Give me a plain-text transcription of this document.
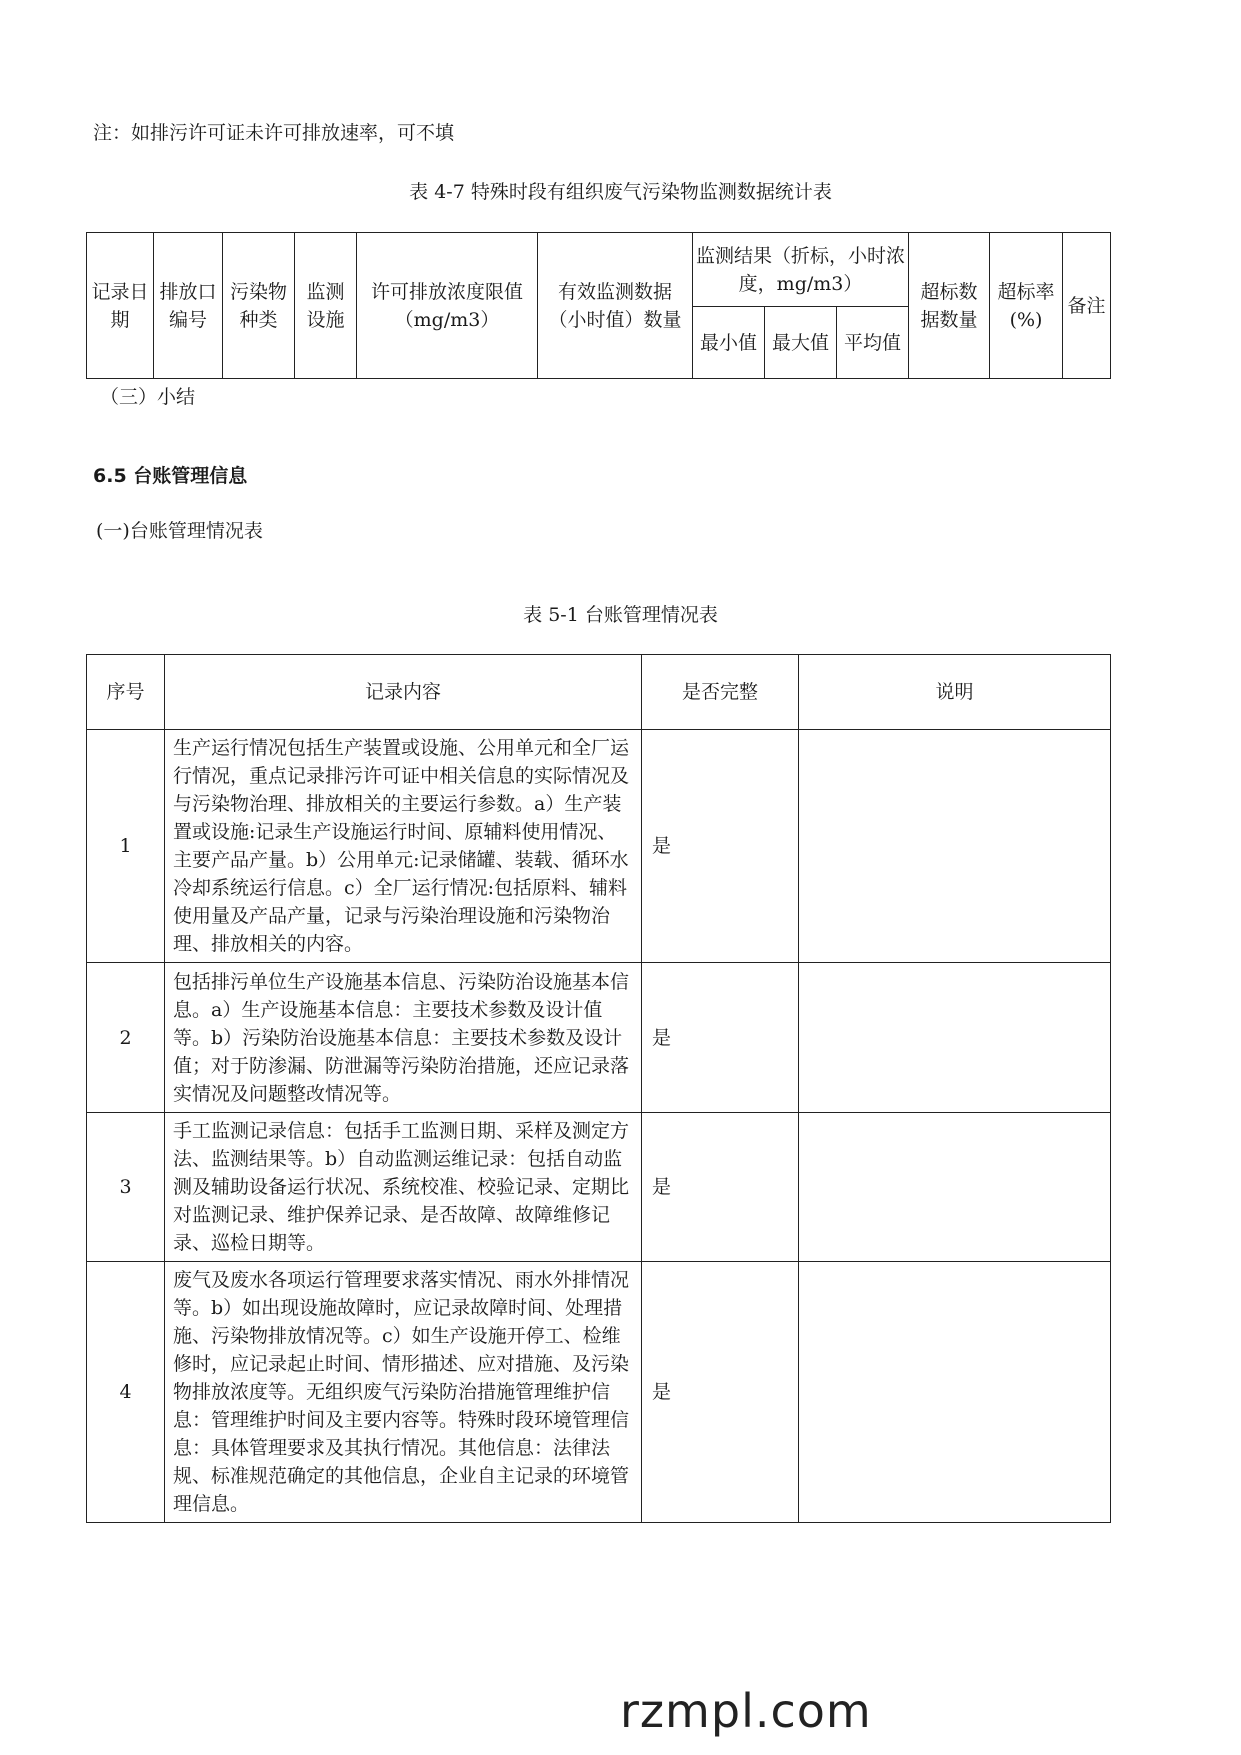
注：如排污许可证未许可排放速率，可不填
表 4-7 特殊时段有组织废气污染物监测数据统计表
记录日期	排放口编号	污染物种类	监测设施	许可排放浓度限值（mg/m3）	有效监测数据（小时值）数量	监测结果（折标，小时浓度，mg/m3）			超标数据数量	超标率(%)	备注
						最小值	最大值	平均值			
（三）小结
6.5 台账管理信息
(一)台账管理情况表
表 5-1 台账管理情况表
序号	记录内容	是否完整	说明
1	生产运行情况包括生产装置或设施、公用单元和全厂运行情况，重点记录排污许可证中相关信息的实际情况及与污染物治理、排放相关的主要运行参数。a）生产装置或设施:记录生产设施运行时间、原辅料使用情况、主要产品产量。b）公用单元:记录储罐、装载、循环水冷却系统运行信息。c）全厂运行情况:包括原料、辅料使用量及产品产量，记录与污染治理设施和污染物治理、排放相关的内容。	是	
2	包括排污单位生产设施基本信息、污染防治设施基本信息。a）生产设施基本信息：主要技术参数及设计值等。b）污染防治设施基本信息：主要技术参数及设计值；对于防渗漏、防泄漏等污染防治措施，还应记录落实情况及问题整改情况等。	是	
3	手工监测记录信息：包括手工监测日期、采样及测定方法、监测结果等。b）自动监测运维记录：包括自动监测及辅助设备运行状况、系统校准、校验记录、定期比对监测记录、维护保养记录、是否故障、故障维修记录、巡检日期等。	是	
4	废气及废水各项运行管理要求落实情况、雨水外排情况等。b）如出现设施故障时，应记录故障时间、处理措施、污染物排放情况等。c）如生产设施开停工、检维修时，应记录起止时间、情形描述、应对措施、及污染物排放浓度等。无组织废气污染防治措施管理维护信息：管理维护时间及主要内容等。特殊时段环境管理信息：具体管理要求及其执行情况。其他信息：法律法规、标准规范确定的其他信息，企业自主记录的环境管理信息。	是	
rzmpl.com
